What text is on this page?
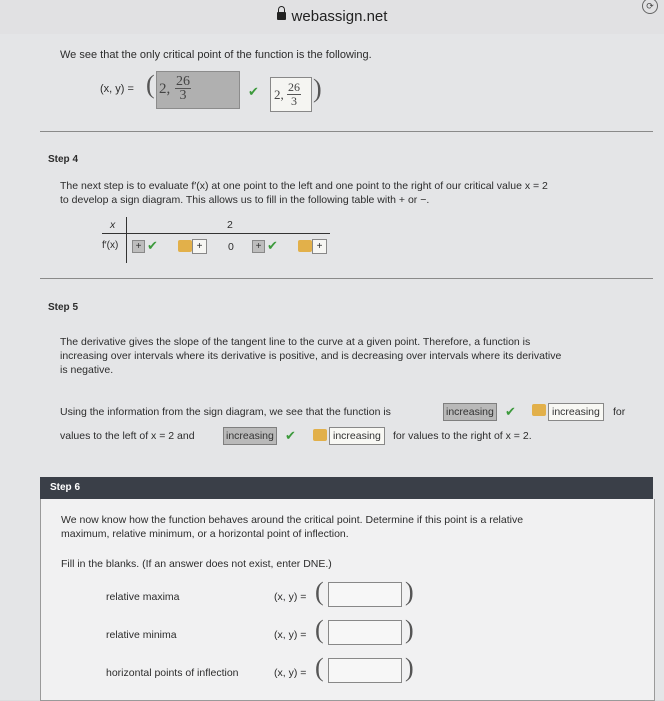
webassign.net
⟳
We see that the only critical point of the function is the following.
(x, y) = ( 2, $\frac{26}{3}$	✔ 2, $\frac{26}{3}$ )
Step 4
The next step is to evaluate f′(x) at one point to the left and one point to the right of our critical value x = 2
to develop a sign diagram. This allows us to fill in the following table with + or −.
x	2
f′(x)	+ ✔	+	0	+ ✔	+
Step 5
The derivative gives the slope of the tangent line to the curve at a given point. Therefore, a function is
increasing over intervals where its derivative is positive, and is decreasing over intervals where its derivative
is negative.
Using the information from the sign diagram, we see that the function is	increasing ✔	increasing	for
values to the left of x = 2 and	increasing ✔	increasing	for values to the right of x = 2.
Step 6
We now know how the function behaves around the critical point. Determine if this point is a relative
maximum, relative minimum, or a horizontal point of inflection.
Fill in the blanks. (If an answer does not exist, enter DNE.)
relative maxima	(x, y) = (	)
relative minima	(x, y) = (	)
horizontal points of inflection	(x, y) = (	)
